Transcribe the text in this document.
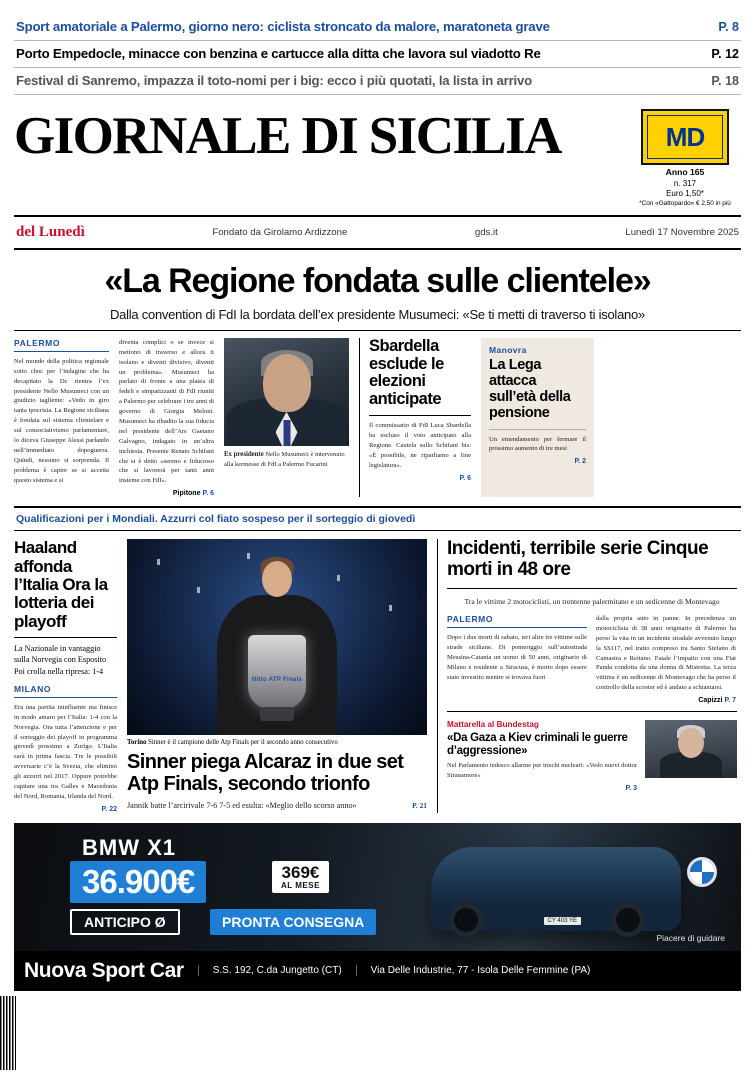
Sport amatoriale a Palermo, giorno nero: ciclista stroncato da malore, maratoneta grave	P. 8
Porto Empedocle, minacce con benzina e cartucce alla ditta che lavora sul viadotto Re	P. 12
Festival di Sanremo, impazza il toto-nomi per i big: ecco i più quotati, la lista in arrivo	P. 18
GIORNALE DI SICILIA	MD
Anno 165
n. 317
Euro 1,50*
*Con «Gattopardo» € 2,50 in più
del Lunedì	Fondato da Girolamo Ardizzone	gds.it	Lunedì 17 Novembre 2025
«La Regione fondata sulle clientele»
Dalla convention di FdI la bordata dell’ex presidente Musumeci: «Se ti metti di traverso ti isolano»
PALERMO
Nel mondo della politica regionale sotto choc per l’indagine che ha decapitato la Dc rientra l’ex presidente Nello Musumeci con un giudizio tagliente: «Vedo in giro tanta ipocrisia. La Regione siciliana è fondata sul sistema clientelare e sul consociativismo parlamentare, lo diceva Giuseppe Alessi parlando nell’immediato dopoguerra. Quindi, nessuno si sorprenda. Il problema è capire se si accetta questo sistema e si
diventa complici o se invece si mettono di traverso e allora ti isolano e diventi divisivo, diventi un problema». Musumeci ha parlato di fronte a una platea di fedeli e simpatizzanti di FdI riuniti a Palermo per celebrare i tre anni di governo di Giorgia Meloni. Musumeci ha ribadito la sua fiducia nel presidente dell’Ars Gaetano Galvagno, indagato in un’altra inchiesta. Presente Renato Schifani che si è detto «sereno e fiducioso che si lavorerà per tanti anni insieme con FdI».
Pipitone P. 6
Ex presidente Nello Musumeci è intervenuto alla kermesse di FdI a Palermo Fucarini
Sbardella esclude le elezioni anticipate
Il commissario di FdI Luca Sbardella ha escluso il voto anticipato alla Regione. Cautela sullo Schifani bis: «È possibile, ne riparliamo a fine legislatura».
P. 6
Manovra
La Lega attacca sull’età della pensione
Un emendamento per fermare il prossimo aumento di tre mesi
P. 2
Qualificazioni per i Mondiali. Azzurri col fiato sospeso per il sorteggio di giovedì
Haaland affonda l’Italia Ora la lotteria dei playoff
La Nazionale in vantaggio sulla Norvegia con Esposito Poi crolla nella ripresa: 1-4
MILANO
Era una partita ininfluente ma finisce in modo amaro per l’Italia: 1-4 con la Norvegia. Ora tutta l’attenzione e per il sorteggio dei playoff in programma giovedì prossimo a Zurigo. L’Italia sarà in prima fascia. Tre le possibili avversarie c’è la Svezia, che eliminò gli azzurri nel 2017. Oppure potrebbe capitare una tra Galles e Macedonia del Nord, Romania, Irlanda del Nord.
P. 22
Nitto ATP Finals
Torino Sinner è il campione delle Atp Finals per il secondo anno consecutivo
Sinner piega Alcaraz in due set Atp Finals, secondo trionfo
Jannik batte l’arcirivale 7-6 7-5 ed esulta: «Meglio dello scorso anno»	P. 21
Incidenti, terribile serie Cinque morti in 48 ore
Tra le vittime 2 motociclisti, un trentenne palermitano e un sedicenne di Montevago
PALERMO
Dopo i due morti di sabato, ieri altre tre vittime sulle strade siciliane. Di pomeriggio sull’autostrada Messina-Catania un uomo di 50 anni, originario di Milano e residente a Siracusa, è morto dopo essere stato investito mentre si trovava fuori
dalla propria auto in panne. In precedenza un motociclista di 38 anni originario di Palermo ha perso la vita in un incidente stradale avvenuto lungo la SS117, nel tratto compreso tra Santo Stefano di Camastra e Reitano. Fatale l’impatto con una Fiat Panda condotta da una donna di Mistretta. La terza vittima è un sedicenne di Montevago che ha perso il controllo della scooter ed è andato a schiantarsi.
Capizzi P. 7
Mattarella al Bundestag
«Da Gaza a Kiev criminali le guerre d’aggressione»
Nel Parlamento tedesco allarme per irischi nucleari: «Vedo nuovi dottor Stranamore»
P. 3
BMW X1
36.900€	369€
AL MESE
ANTICIPO Ø	PRONTA CONSEGNA	CY 403 YE
Piacere di guidare
Nuova Sport Car	S.S. 192, C.da Jungetto (CT)	Via Delle Industrie, 77 - Isola Delle Femmine (PA)
